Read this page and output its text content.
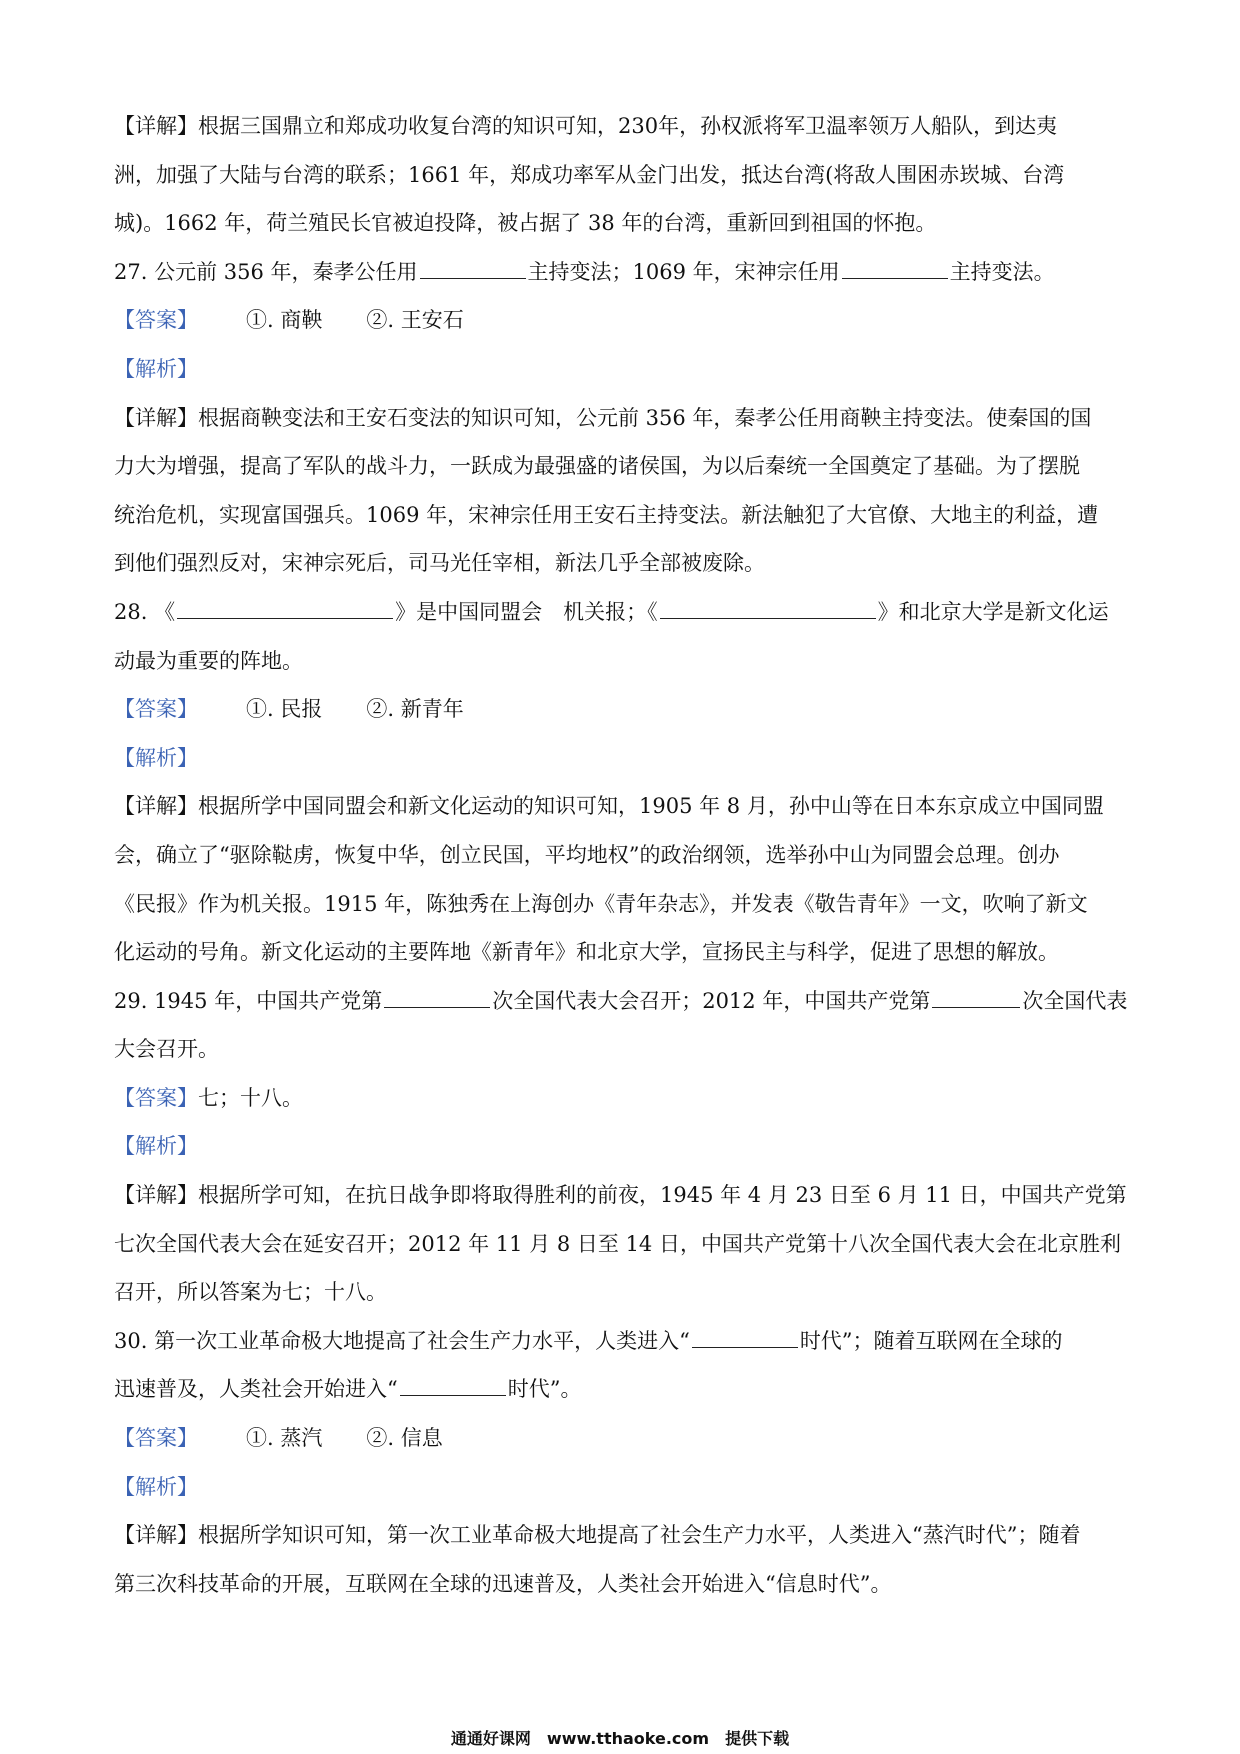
【详解】根据三国鼎立和郑成功收复台湾的知识可知，230年，孙权派将军卫温率领万人船队，到达夷
洲，加强了大陆与台湾的联系；1661 年，郑成功率军从金门出发，抵达台湾(将敌人围困赤崁城、台湾
城)。1662 年，荷兰殖民长官被迫投降，被占据了 38 年的台湾，重新回到祖国的怀抱。
27. 公元前 356 年，秦孝公任用	主持变法；1069 年，宋神宗任用	主持变法。
【答案】 ①. 商鞅 ②. 王安石
【解析】
【详解】根据商鞅变法和王安石变法的知识可知，公元前 356 年，秦孝公任用商鞅主持变法。使秦国的国
力大为增强，提高了军队的战斗力，一跃成为最强盛的诸侯国，为以后秦统一全国奠定了基础。为了摆脱
统治危机，实现富国强兵。1069 年，宋神宗任用王安石主持变法。新法触犯了大官僚、大地主的利益，遭
到他们强烈反对，宋神宗死后，司马光任宰相，新法几乎全部被废除。
28. 《	》是中国同盟会　机关报；《	》和北京大学是新文化运
动最为重要的阵地。
【答案】 ①. 民报 ②. 新青年
【解析】
【详解】根据所学中国同盟会和新文化运动的知识可知，1905 年 8 月，孙中山等在日本东京成立中国同盟
会，确立了“驱除鞑虏，恢复中华，创立民国，平均地权”的政治纲领，选举孙中山为同盟会总理。创办
《民报》作为机关报。1915 年，陈独秀在上海创办《青年杂志》，并发表《敬告青年》一文，吹响了新文
化运动的号角。新文化运动的主要阵地《新青年》和北京大学，宣扬民主与科学，促进了思想的解放。
29. 1945 年，中国共产党第	次全国代表大会召开；2012 年，中国共产党第	次全国代表
大会召开。
【答案】七；十八。
【解析】
【详解】根据所学可知，在抗日战争即将取得胜利的前夜，1945 年 4 月 23 日至 6 月 11 日，中国共产党第
七次全国代表大会在延安召开；2012 年 11 月 8 日至 14 日，中国共产党第十八次全国代表大会在北京胜利
召开，所以答案为七；十八。
30. 第一次工业革命极大地提高了社会生产力水平，人类进入“	时代”；随着互联网在全球的
迅速普及，人类社会开始进入“	时代”。
【答案】 ①. 蒸汽 ②. 信息
【解析】
【详解】根据所学知识可知，第一次工业革命极大地提高了社会生产力水平，人类进入“蒸汽时代”；随着
第三次科技革命的开展，互联网在全球的迅速普及，人类社会开始进入“信息时代”。
通通好课网　www.tthaoke.com　提供下载
